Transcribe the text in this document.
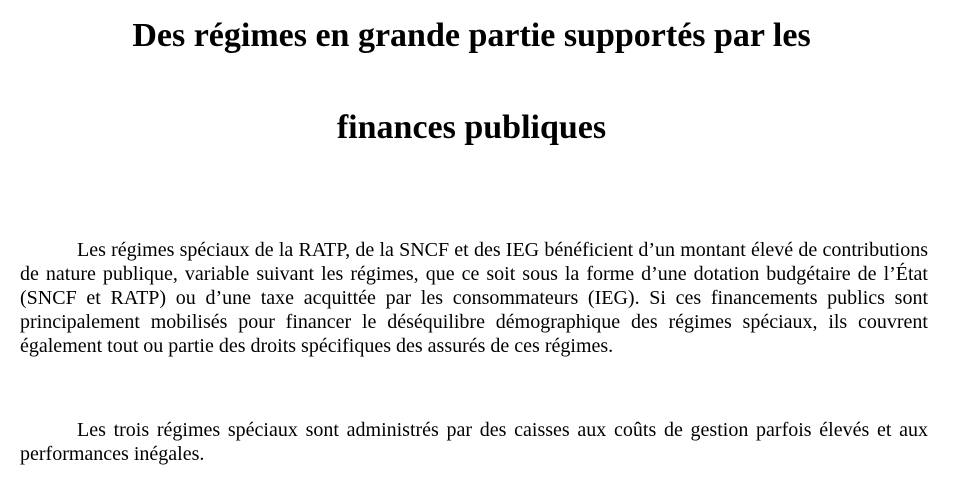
Des régimes en grande partie supportés par les
finances publiques

Les régimes spéciaux de la RATP, de la SNCF et des IEG bénéficient d’un montant élevé de contributions de nature publique, variable suivant les régimes, que ce soit sous la forme d’une dotation budgétaire de l’État (SNCF et RATP) ou d’une taxe acquittée par les consommateurs (IEG). Si ces financements publics sont principalement mobilisés pour financer le déséquilibre démographique des régimes spéciaux, ils couvrent également tout ou partie des droits spécifiques des assurés de ces régimes.

Les trois régimes spéciaux sont administrés par des caisses aux coûts de gestion parfois élevés et aux performances inégales.
